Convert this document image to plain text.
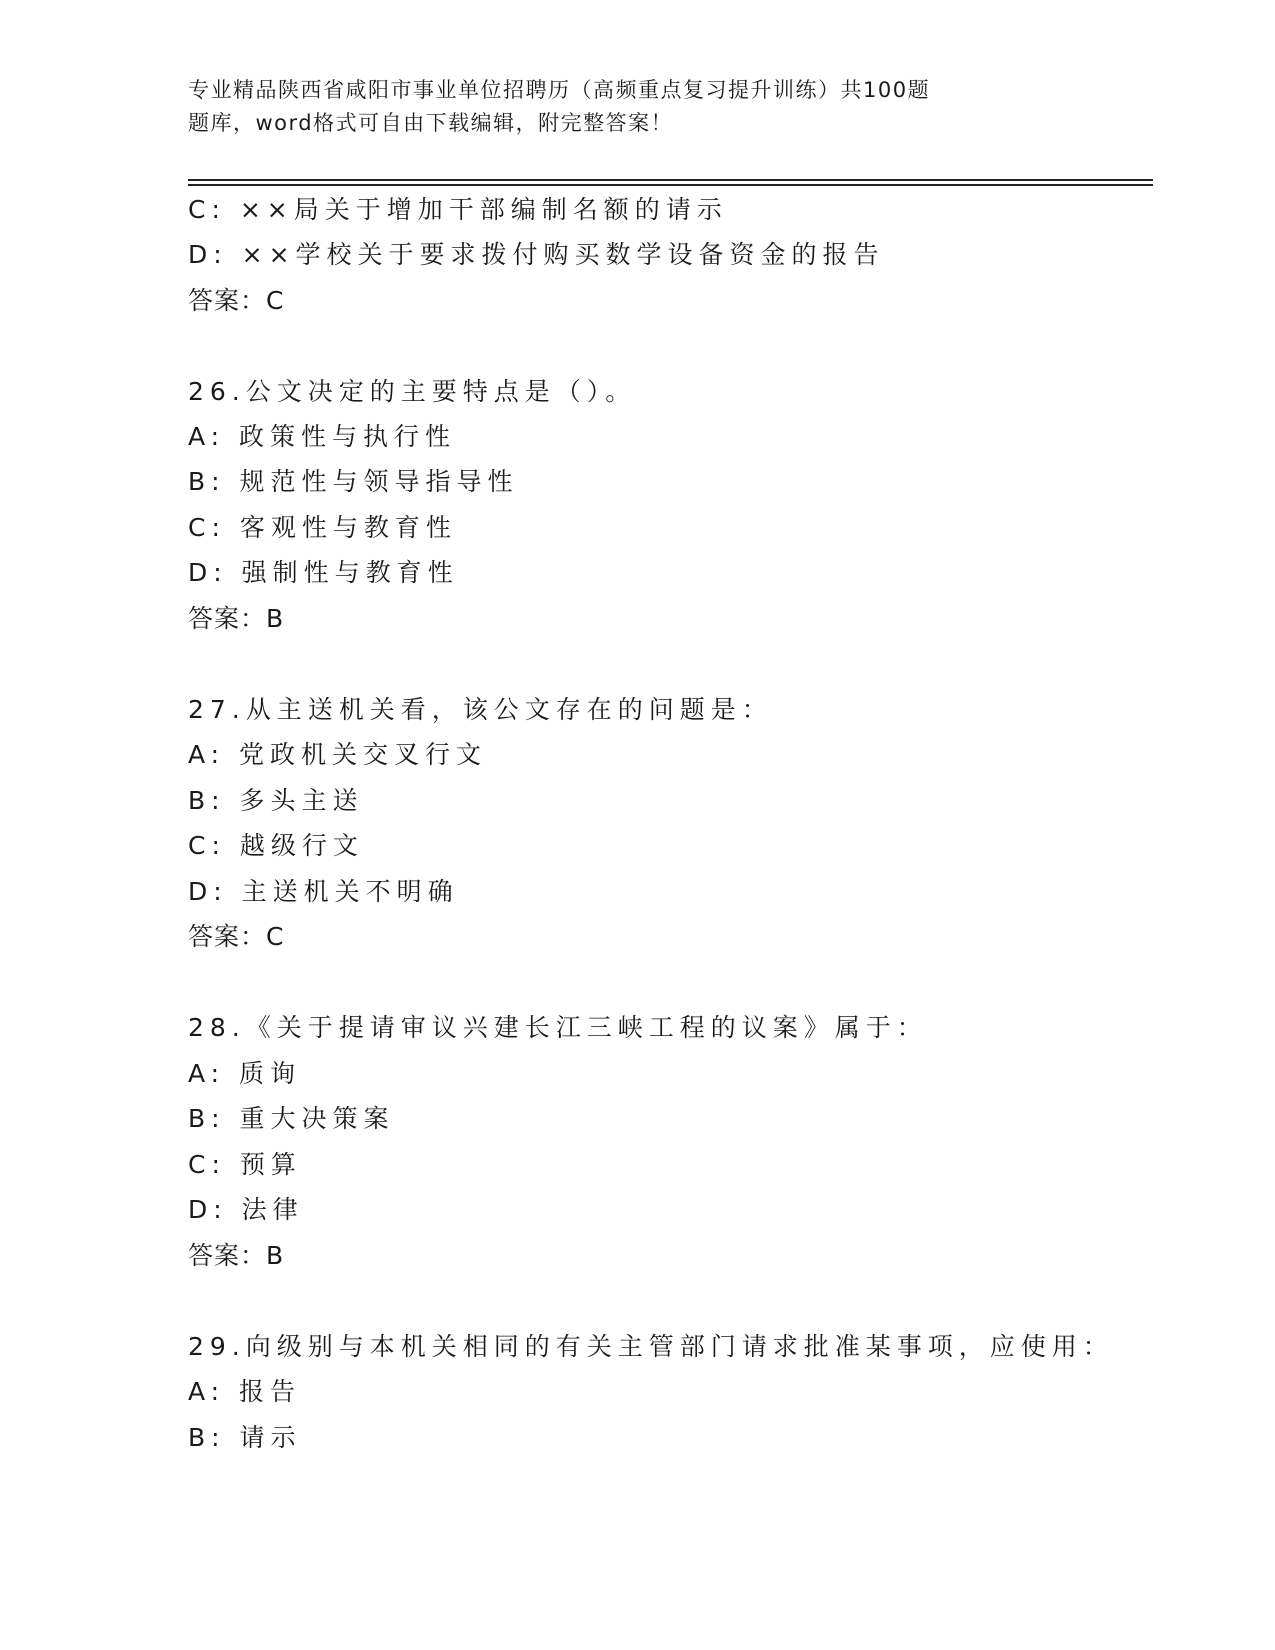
专业精品陕西省咸阳市事业单位招聘历（高频重点复习提升训练）共100题
题库，word格式可自由下载编辑，附完整答案！
C: ××局关于增加干部编制名额的请示
D: ××学校关于要求拨付购买数学设备资金的报告
答案：C
26.公文决定的主要特点是（）。
A: 政策性与执行性
B: 规范性与领导指导性
C: 客观性与教育性
D: 强制性与教育性
答案：B
27.从主送机关看，该公文存在的问题是：
A: 党政机关交叉行文
B: 多头主送
C: 越级行文
D: 主送机关不明确
答案：C
28.《关于提请审议兴建长江三峡工程的议案》属于：
A: 质询
B: 重大决策案
C: 预算
D: 法律
答案：B
29.向级别与本机关相同的有关主管部门请求批准某事项，应使用：
A: 报告
B: 请示
